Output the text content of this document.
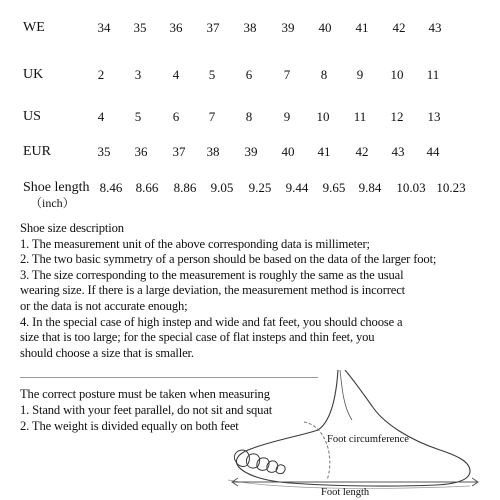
WE	34	35	36	37	38	39	40	41	42	43
UK	2	3	4	5	6	7	8	9	10	11
US	4	5	6	7	8	9	10	11	12	13
EUR	35	36	37	38	39	40	41	42	43	44
Shoe length
（inch）
8.46	8.66	8.86	9.05	9.25	9.44	9.65	9.84	10.03 10.23
Shoe size description
1. The measurement unit of the above corresponding data is millimeter;
2. The two basic symmetry of a person should be based on the data of the larger foot;
3. The size corresponding to the measurement is roughly the same as the usual
wearing size. If there is a large deviation, the measurement method is incorrect
or the data is not accurate enough;
4. In the special case of high instep and wide and fat feet, you should choose a
size that is too large; for the special case of flat insteps and thin feet, you
should choose a size that is smaller.
The correct posture must be taken when measuring
1. Stand with your feet parallel, do not sit and squat
2. The weight is divided equally on both feet
Foot circumference
Foot length
